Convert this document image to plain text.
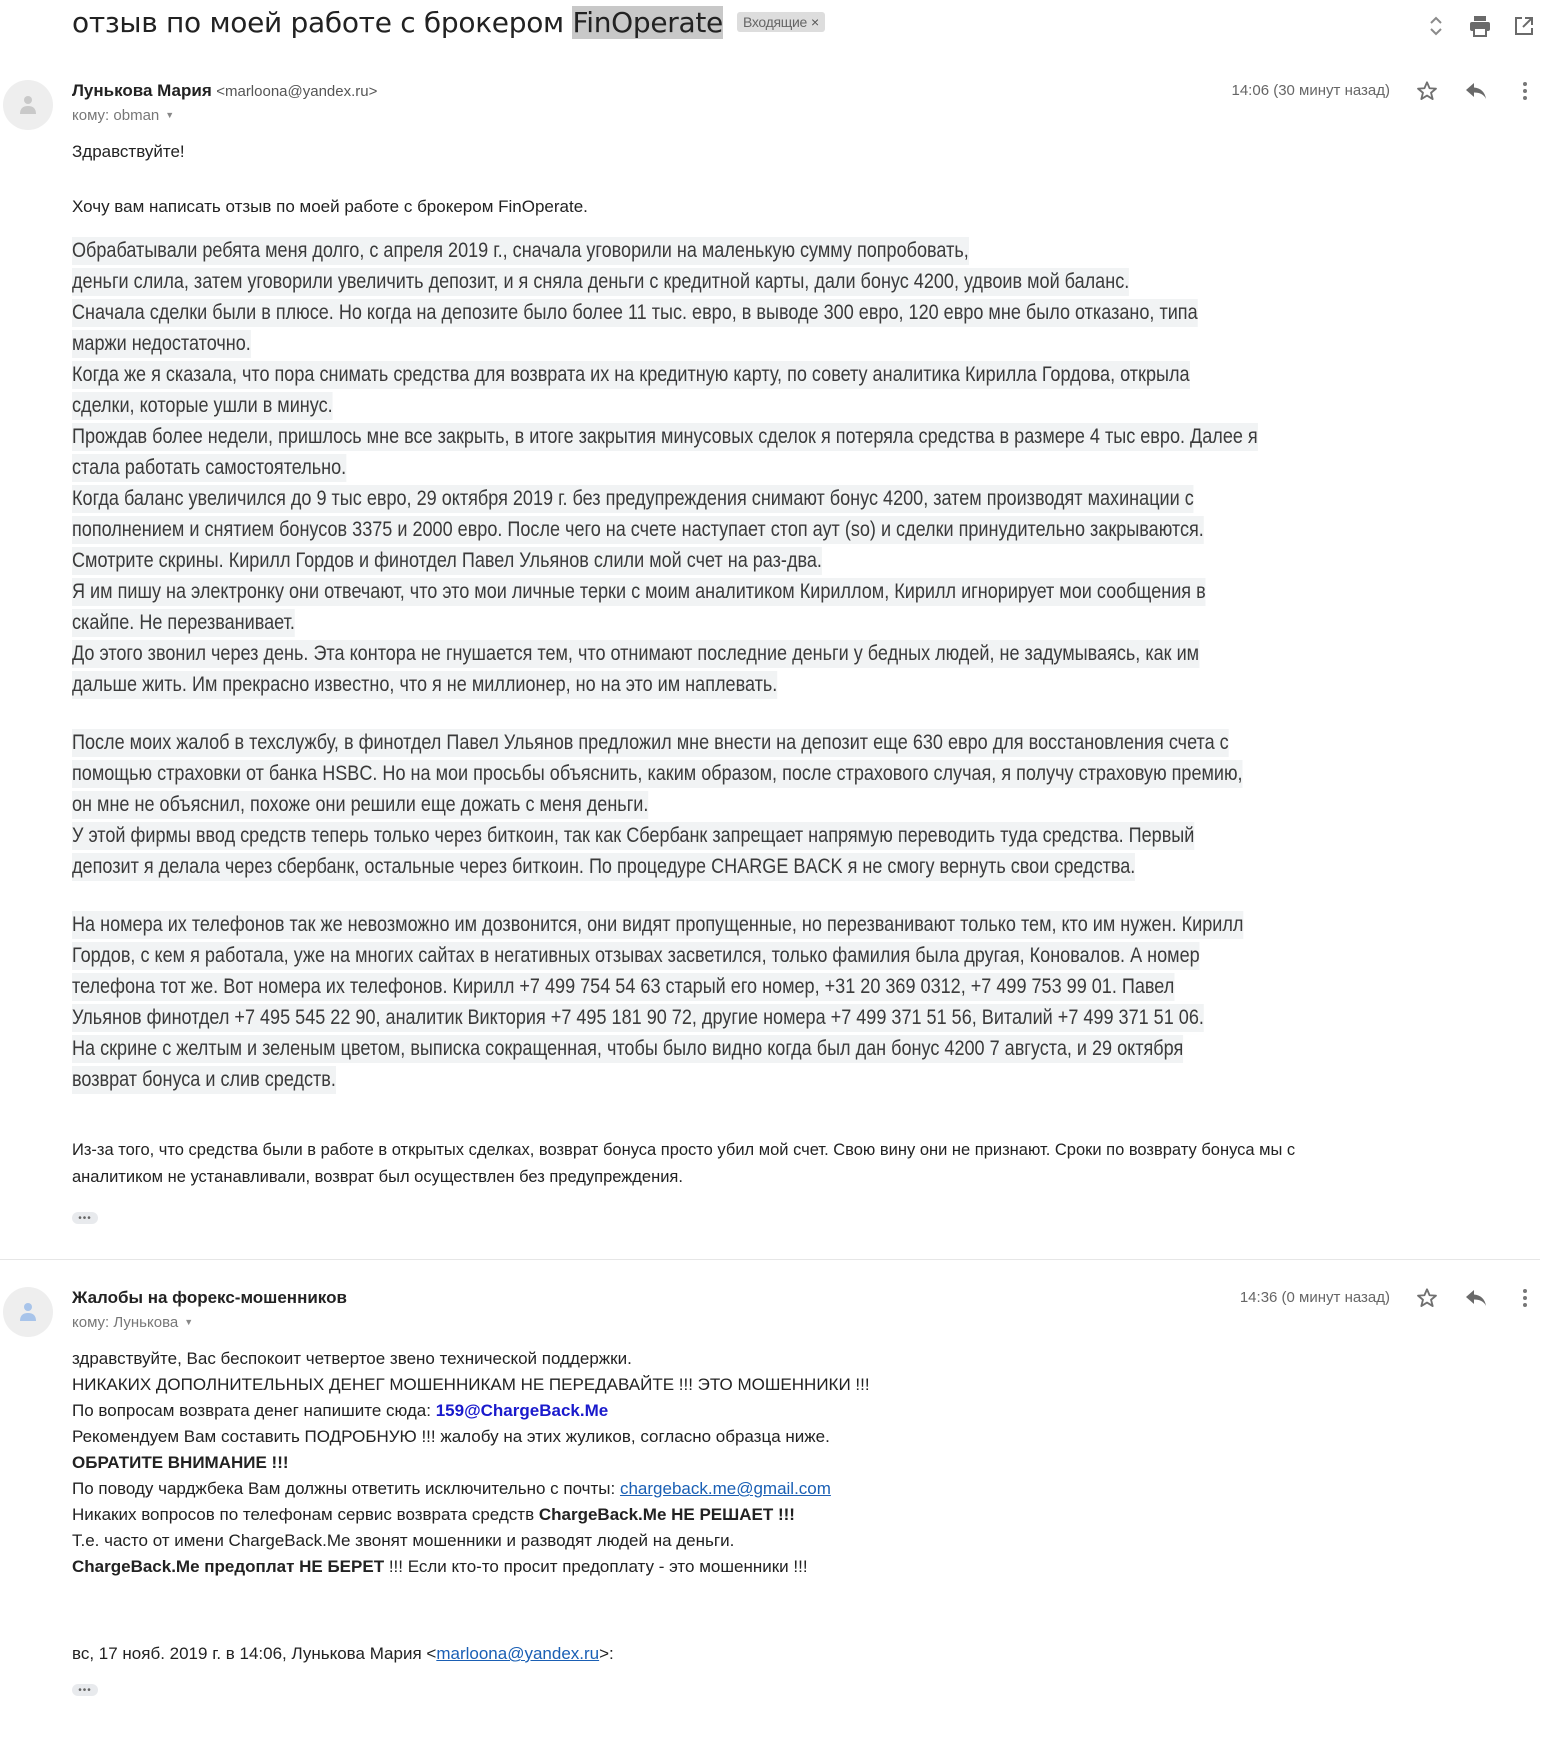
отзыв по моей работе с брокером FinOperate Входящие ×
Лунькова Мария <marloona@yandex.ru>
кому: obman ▼
14:06 (30 минут назад)
Здравствуйте!
Хочу вам написать отзыв по моей работе с брокером FinOperate.
Обрабатывали ребята меня долго, с апреля 2019 г., сначала уговорили на маленькую сумму попробовать,
деньги слила, затем уговорили увеличить депозит, и я сняла деньги с кредитной карты, дали бонус 4200, удвоив мой баланс.
Сначала сделки были в плюсе. Но когда на депозите было более 11 тыс. евро, в выводе 300 евро, 120 евро мне было отказано, типа
маржи недостаточно.
Когда же я сказала, что пора снимать средства для возврата их на кредитную карту, по совету аналитика Кирилла Гордова, открыла
сделки, которые ушли в минус.
Прождав более недели, пришлось мне все закрыть, в итоге закрытия минусовых сделок я потеряла средства в размере 4 тыс евро. Далее я
стала работать самостоятельно.
Когда баланс увеличился до 9 тыс евро, 29 октября 2019 г. без предупреждения снимают бонус 4200, затем производят махинации с
пополнением и снятием бонусов 3375 и 2000 евро. После чего на счете наступает стоп аут (so) и сделки принудительно закрываются.
Смотрите скрины. Кирилл Гордов и финотдел Павел Ульянов слили мой счет на раз-два.
Я им пишу на электронку они отвечают, что это мои личные терки с моим аналитиком Кириллом, Кирилл игнорирует мои сообщения в
скайпе. Не перезванивает.
До этого звонил через день. Эта контора не гнушается тем, что отнимают последние деньги у бедных людей, не задумываясь, как им
дальше жить. Им прекрасно известно, что я не миллионер, но на это им наплевать.
После моих жалоб в техслужбу, в финотдел Павел Ульянов предложил мне внести на депозит еще 630 евро для восстановления счета с
помощью страховки от банка HSBC. Но на мои просьбы объяснить, каким образом, после страхового случая, я получу страховую премию,
он мне не объяснил, похоже они решили еще дожать с меня деньги.
У этой фирмы ввод средств теперь только через биткоин, так как Сбербанк запрещает напрямую переводить туда средства. Первый
депозит я делала через сбербанк, остальные через биткоин. По процедуре CHARGE BACK я не смогу вернуть свои средства.
На номера их телефонов так же невозможно им дозвонится, они видят пропущенные, но перезванивают только тем, кто им нужен. Кирилл
Гордов, с кем я работала, уже на многих сайтах в негативных отзывах засветился, только фамилия была другая, Коновалов. А номер
телефона тот же. Вот номера их телефонов. Кирилл +7 499 754 54 63 старый его номер, +31 20 369 0312, +7 499 753 99 01. Павел
Ульянов финотдел +7 495 545 22 90, аналитик Виктория +7 495 181 90 72, другие номера +7 499 371 51 56, Виталий +7 499 371 51 06.
На скрине с желтым и зеленым цветом, выписка сокращенная, чтобы было видно когда был дан бонус 4200 7 августа, и 29 октября
возврат бонуса и слив средств.
Из-за того, что средства были в работе в открытых сделках, возврат бонуса просто убил мой счет. Свою вину они не признают. Сроки по возврату бонуса мы с
аналитиком не устанавливали, возврат был осуществлен без предупреждения.
•••
Жалобы на форекс-мошенников
кому: Лунькова ▼
14:36 (0 минут назад)
здравствуйте, Вас беспокоит четвертое звено технической поддержки.
НИКАКИХ ДОПОЛНИТЕЛЬНЫХ ДЕНЕГ МОШЕННИКАМ НЕ ПЕРЕДАВАЙТЕ !!! ЭТО МОШЕННИКИ !!!
По вопросам возврата денег напишите сюда: 159@ChargeBack.Me
Рекомендуем Вам составить ПОДРОБНУЮ !!! жалобу на этих жуликов, согласно образца ниже.
ОБРАТИТЕ ВНИМАНИЕ !!!
По поводу чарджбека Вам должны ответить исключительно с почты: chargeback.me@gmail.com
Никаких вопросов по телефонам сервис возврата средств ChargeBack.Me НЕ РЕШАЕТ !!!
Т.е. часто от имени ChargeBack.Me звонят мошенники и разводят людей на деньги.
ChargeBack.Me предоплат НЕ БЕРЕТ !!! Если кто-то просит предоплату - это мошенники !!!
вс, 17 нояб. 2019 г. в 14:06, Лунькова Мария <marloona@yandex.ru>:
•••
